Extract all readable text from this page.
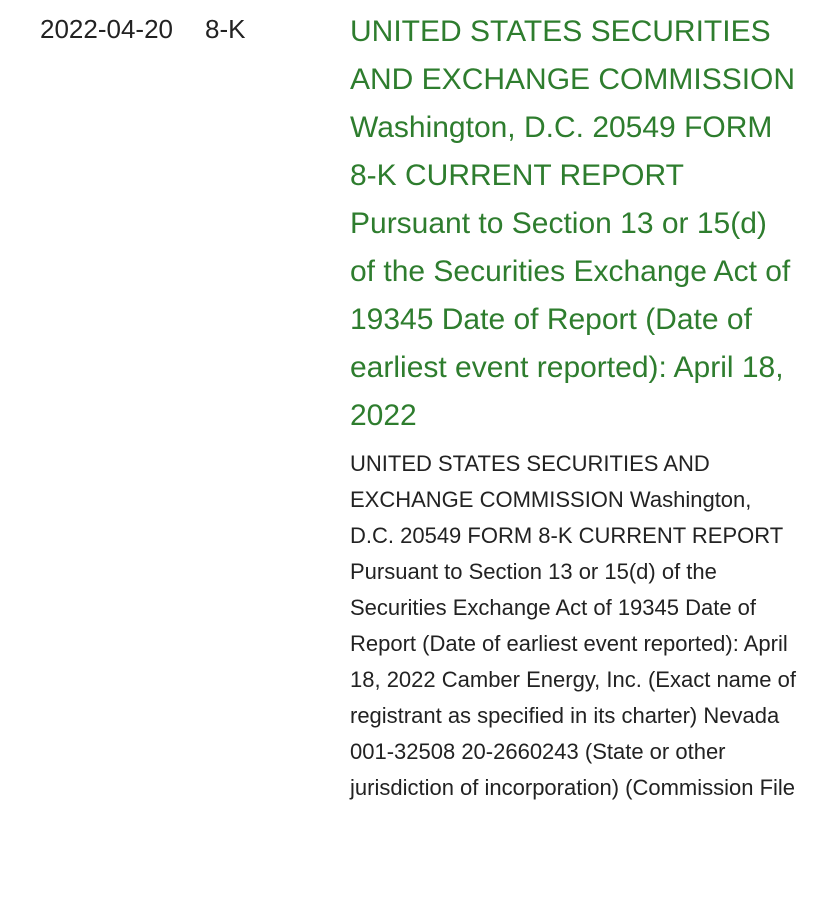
2022-04-20 8-K	UNITED STATES SECURITIES AND EXCHANGE COMMISSION Washington, D.C. 20549 FORM 8-K CURRENT REPORT Pursuant to Section 13 or 15(d) of the Securities Exchange Act of 19345 Date of Report (Date of earliest event reported): April 18, 2022

UNITED STATES SECURITIES AND EXCHANGE COMMISSION Washington, D.C. 20549 FORM 8-K CURRENT REPORT Pursuant to Section 13 or 15(d) of the Securities Exchange Act of 19345 Date of Report (Date of earliest event reported): April 18, 2022 Camber Energy, Inc. (Exact name of registrant as specified in its charter) Nevada 001-32508 20-2660243 (State or other jurisdiction of incorporation) (Commission File
